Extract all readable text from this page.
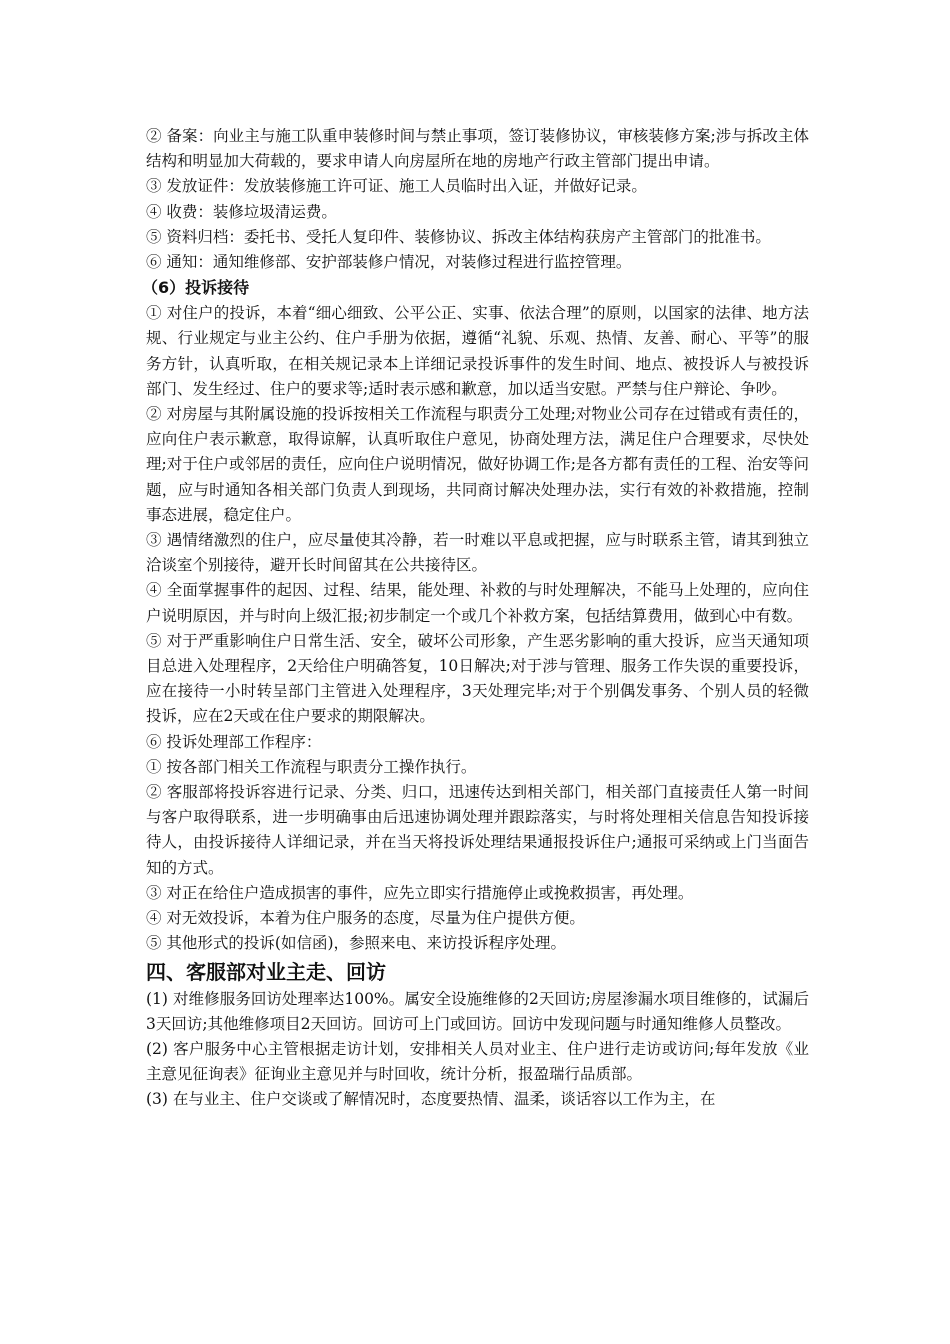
② 备案：向业主与施工队重申装修时间与禁止事项，签订装修协议，审核装修方案;涉与拆改主体结构和明显加大荷载的，要求申请人向房屋所在地的房地产行政主管部门提出申请。

③ 发放证件：发放装修施工许可证、施工人员临时出入证，并做好记录。

④ 收费：装修垃圾清运费。

⑤ 资料归档：委托书、受托人复印件、装修协议、拆改主体结构获房产主管部门的批准书。

⑥ 通知：通知维修部、安护部装修户情况，对装修过程进行监控管理。

（6）投诉接待

① 对住户的投诉，本着“细心细致、公平公正、实事、依法合理”的原则，以国家的法律、地方法规、行业规定与业主公约、住户手册为依据，遵循“礼貌、乐观、热情、友善、耐心、平等”的服务方针，认真听取，在相关规记录本上详细记录投诉事件的发生时间、地点、被投诉人与被投诉部门、发生经过、住户的要求等;适时表示感和歉意，加以适当安慰。严禁与住户辩论、争吵。

② 对房屋与其附属设施的投诉按相关工作流程与职责分工处理;对物业公司存在过错或有责任的，应向住户表示歉意，取得谅解，认真听取住户意见，协商处理方法，满足住户合理要求，尽快处理;对于住户或邻居的责任，应向住户说明情况，做好协调工作;是各方都有责任的工程、治安等问题，应与时通知各相关部门负责人到现场，共同商讨解决处理办法，实行有效的补救措施，控制事态进展，稳定住户。

③ 遇情绪激烈的住户，应尽量使其冷静，若一时难以平息或把握，应与时联系主管，请其到独立洽谈室个别接待，避开长时间留其在公共接待区。

④ 全面掌握事件的起因、过程、结果，能处理、补救的与时处理解决，不能马上处理的，应向住户说明原因，并与时向上级汇报;初步制定一个或几个补救方案，包括结算费用，做到心中有数。

⑤ 对于严重影响住户日常生活、安全，破坏公司形象，产生恶劣影响的重大投诉，应当天通知项目总进入处理程序，2天给住户明确答复，10日解决;对于涉与管理、服务工作失误的重要投诉，应在接待一小时转呈部门主管进入处理程序，3天处理完毕;对于个别偶发事务、个别人员的轻微投诉，应在2天或在住户要求的期限解决。

⑥ 投诉处理部工作程序：

① 按各部门相关工作流程与职责分工操作执行。

② 客服部将投诉容进行记录、分类、归口，迅速传达到相关部门，相关部门直接责任人第一时间与客户取得联系，进一步明确事由后迅速协调处理并跟踪落实，与时将处理相关信息告知投诉接待人，由投诉接待人详细记录，并在当天将投诉处理结果通报投诉住户;通报可采纳或上门当面告知的方式。

③ 对正在给住户造成损害的事件，应先立即实行措施停止或挽救损害，再处理。

④ 对无效投诉，本着为住户服务的态度，尽量为住户提供方便。

⑤ 其他形式的投诉(如信函)，参照来电、来访投诉程序处理。

四、客服部对业主走、回访

(1) 对维修服务回访处理率达100%。属安全设施维修的2天回访;房屋渗漏水项目维修的，试漏后3天回访;其他维修项目2天回访。回访可上门或回访。回访中发现问题与时通知维修人员整改。

(2) 客户服务中心主管根据走访计划，安排相关人员对业主、住户进行走访或访问;每年发放《业主意见征询表》征询业主意见并与时回收，统计分析，报盈瑞行品质部。

(3) 在与业主、住户交谈或了解情况时，态度要热情、温柔，谈话容以工作为主，在
